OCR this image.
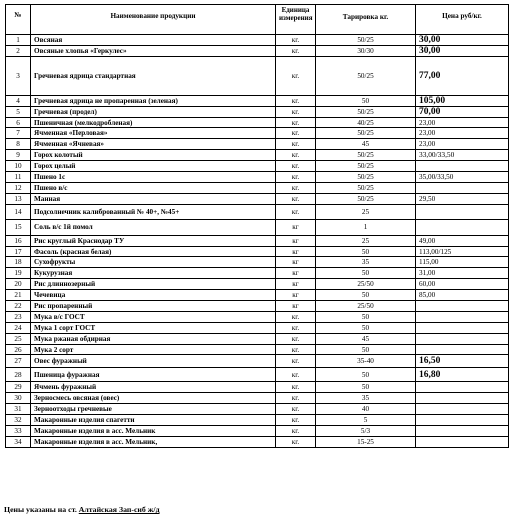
№	Наименование продукции	Единица измерения	Тарировка кг.	Цена руб/кг.
1	Овсяная	кг.	50/25	30,00
2	Овсяные хлопья «Геркулес»	кг.	30/30	30,00
3	Гречневая ядрица стандартная	кг.	50/25	77,00
4	Гречневая ядрица не пропаренная (зеленая)	кг.	50	105,00
5	Гречневая (продел)	кг.	50/25	70,00
6	Пшеничная (мелкодробленая)	кг.	40/25	23,00
7	Ячменная «Перловая»	кг.	50/25	23,00
8	Ячменная «Ячневая»	кг.	45	23,00
9	Горох колотый	кг.	50/25	33,00/33,50
10	Горох целый	кг.	50/25	
11	Пшено 1с	кг.	50/25	35,00/33,50
12	Пшено в/с	кг.	50/25	
13	Манная	кг.	50/25	29,50
14	Подсолнечник калиброванный № 40+, №45+	кг.	25	
15	Соль в/с 1й помол	кг	1	
16	Рис круглый Краснодар ТУ	кг	25	49,00
17	Фасоль (красная белая)	кг	50	113,00/125
18	Сухофрукты	кг	35	115,00
19	Кукурузная	кг	50	31,00
20	Рис длиннозерный	кг	25/50	60,00
21	Чечевица	кг	50	85,00
22	Рис пропаренный	кг	25/50	
23	Мука в/с ГОСТ	кг.	50	
24	Мука 1 сорт ГОСТ	кг.	50	
25	Мука ржаная обдирная	кг.	45	
26	Мука 2 сорт	кг.	50	
27	Овес фуражный	кг.	35-40	16,50
28	Пшеница фуражная	кг.	50	16,80
29	Ячмень фуражный	кг.	50	
30	Зерносмесь овсяная (овес)	кг.	35	
31	Зерноотходы гречневые	кг.	40	
32	Макаронные изделия спагетти	кг.	5	
33	Макаронные изделия в асс. Мельник	кг.	5/3	
34	Макаронные изделия в асс. Мельник,	кг.	15-25	
Цены указаны на ст. Алтайская Зап-сиб ж/д
